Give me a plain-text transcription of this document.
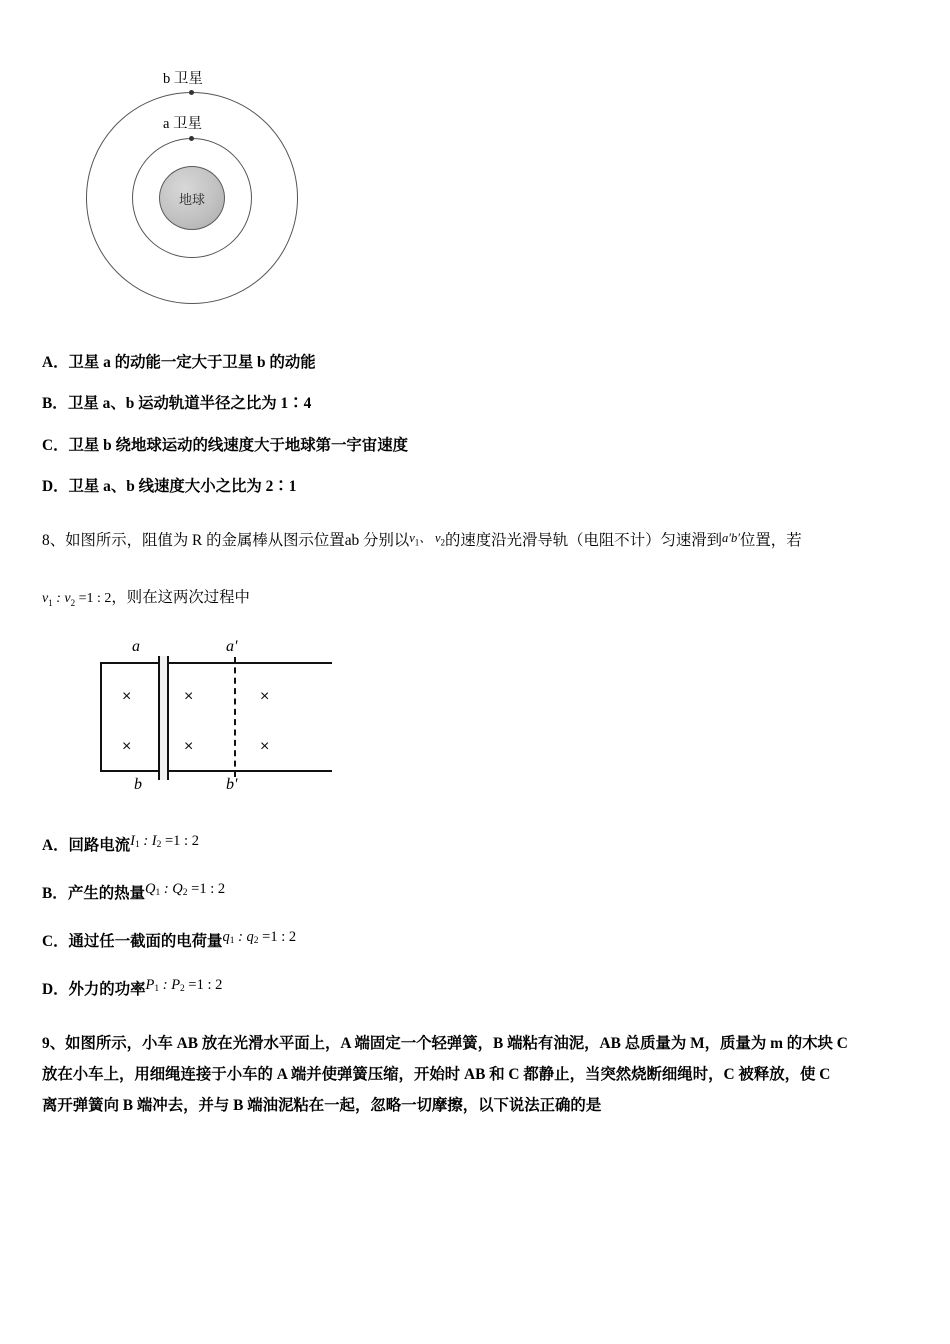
地球
b 卫星
a 卫星

A．卫星 a 的动能一定大于卫星 b 的动能

B．卫星 a、b 运动轨道半径之比为 1∶4

C．卫星 b 绕地球运动的线速度大于地球第一宇宙速度

D．卫星 a、b 线速度大小之比为 2∶1

8、如图所示，阻值为 R 的金属棒从图示位置ab 分别以$v_1$、 $v_2$的速度沿光滑导轨（电阻不计）匀速滑到a′b′位置，若
$v_1$ : $v_2 =1$ : 2，则在这两次过程中
×	×	×
×	×	×
a	a'
b	b'

A．回路电流$I_1$ : $I_2 =1$ : 2

B．产生的热量$Q_1$ : $Q_2 =1$ : 2

C．通过任一截面的电荷量$q_1$ : $q_2 =1$ : 2

D．外力的功率$P_1$ : $P_2 =1$ : 2

9、如图所示，小车 AB 放在光滑水平面上，A 端固定一个轻弹簧，B 端粘有油泥，AB 总质量为 M，质量为 m 的木块 C

放在小车上，用细绳连接于小车的 A 端并使弹簧压缩，开始时 AB 和 C 都静止，当突然烧断细绳时，C 被释放，使 C

离开弹簧向 B 端冲去，并与 B 端油泥粘在一起，忽略一切摩擦，以下说法正确的是
